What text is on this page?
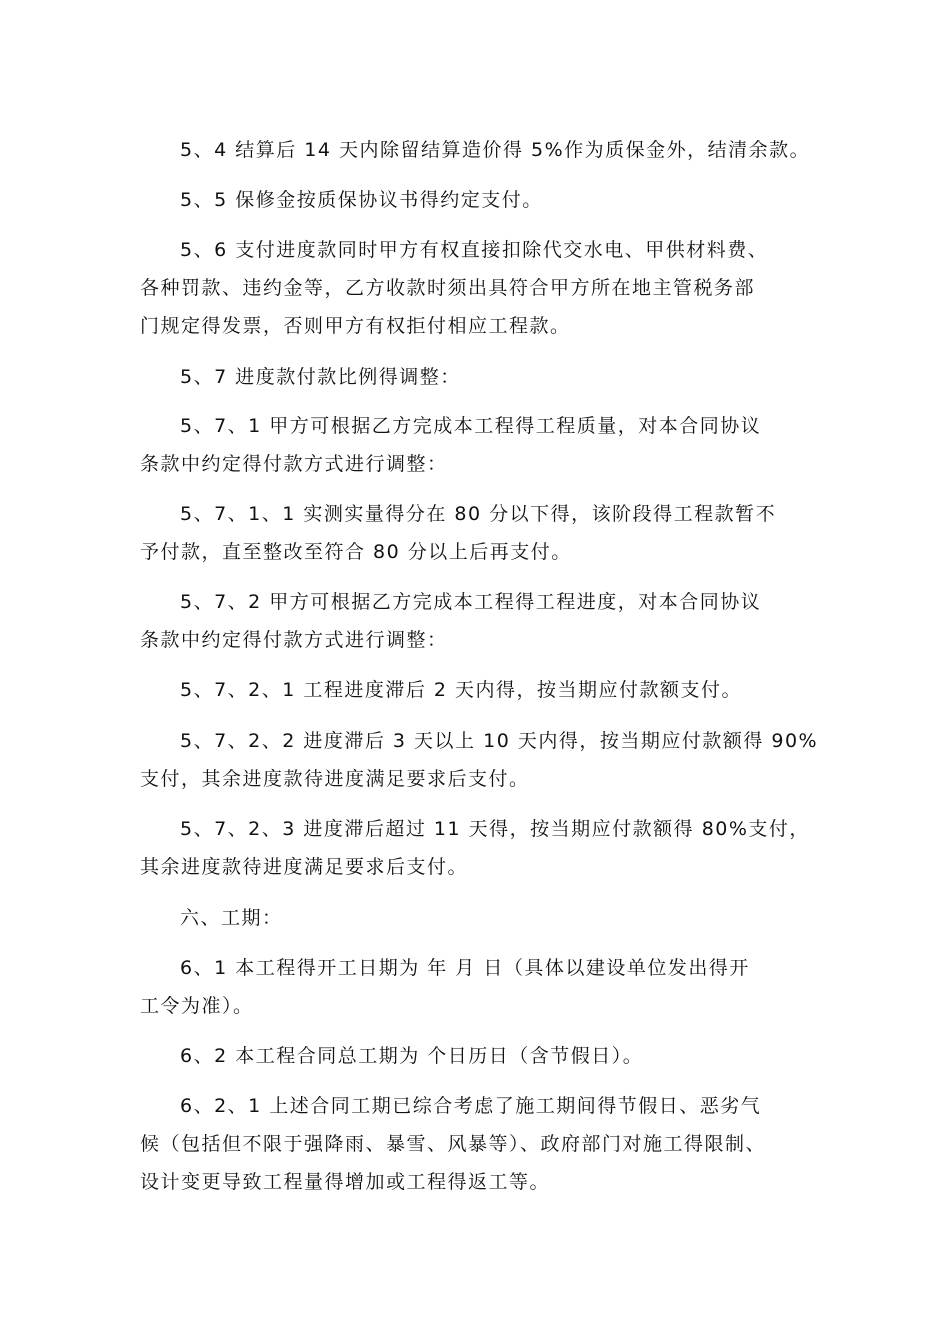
5、4 结算后 14 天内除留结算造价得 5%作为质保金外，结清余款。
5、5 保修金按质保协议书得约定支付。
5、6 支付进度款同时甲方有权直接扣除代交水电、甲供材料费、
各种罚款、违约金等，乙方收款时须出具符合甲方所在地主管税务部
门规定得发票，否则甲方有权拒付相应工程款。
5、7 进度款付款比例得调整：
5、7、1 甲方可根据乙方完成本工程得工程质量，对本合同协议
条款中约定得付款方式进行调整：
5、7、1、1 实测实量得分在 80 分以下得，该阶段得工程款暂不
予付款，直至整改至符合 80 分以上后再支付。
5、7、2 甲方可根据乙方完成本工程得工程进度，对本合同协议
条款中约定得付款方式进行调整：
5、7、2、1 工程进度滞后 2 天内得，按当期应付款额支付。
5、7、2、2 进度滞后 3 天以上 10 天内得，按当期应付款额得 90%
支付，其余进度款待进度满足要求后支付。
5、7、2、3 进度滞后超过 11 天得，按当期应付款额得 80%支付，
其余进度款待进度满足要求后支付。
六、工期：
6、1 本工程得开工日期为 年 月 日（具体以建设单位发出得开
工令为准）。
6、2 本工程合同总工期为 个日历日（含节假日）。
6、2、1 上述合同工期已综合考虑了施工期间得节假日、恶劣气
候（包括但不限于强降雨、暴雪、风暴等）、政府部门对施工得限制、
设计变更导致工程量得增加或工程得返工等。
